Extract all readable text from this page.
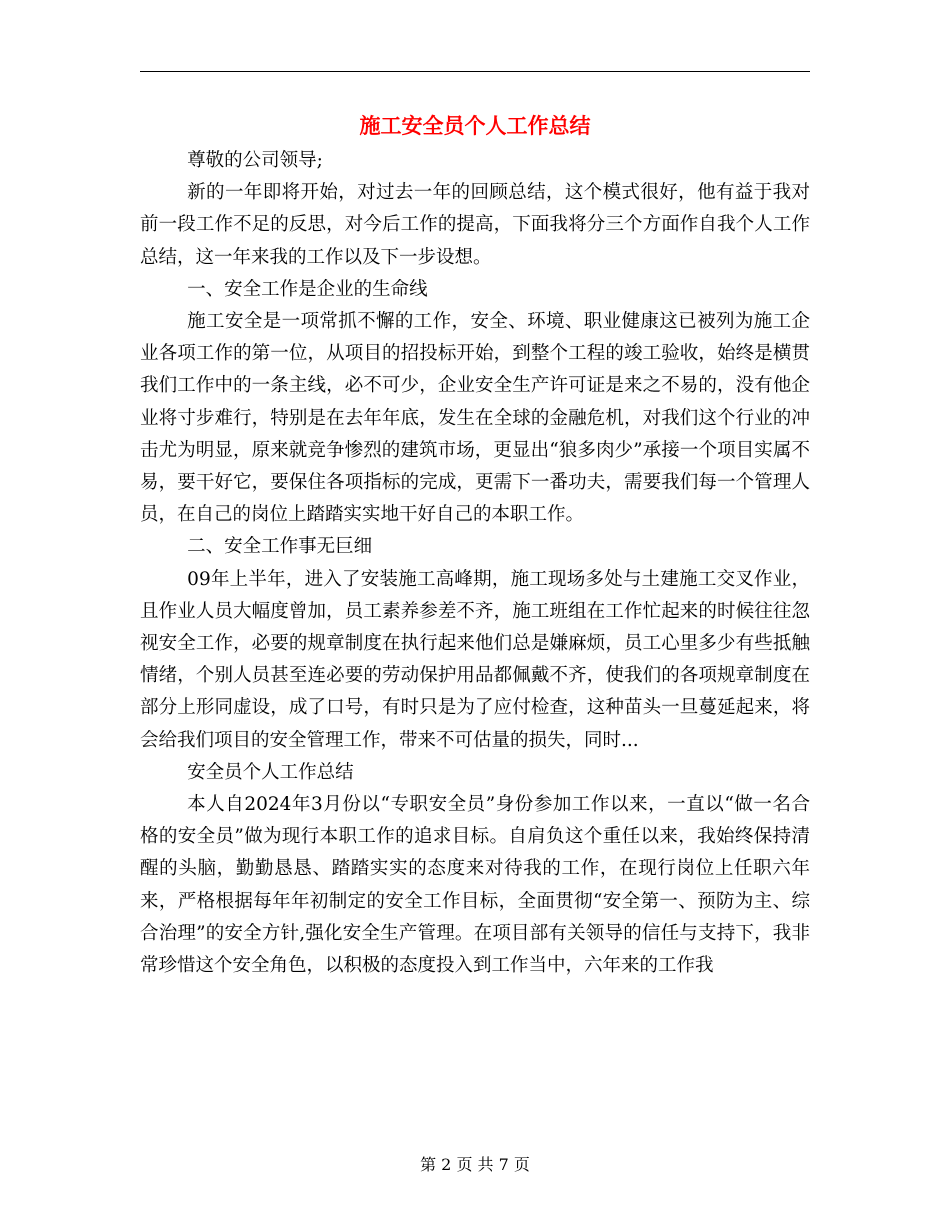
施工安全员个人工作总结

尊敬的公司领导;

新的一年即将开始，对过去一年的回顾总结，这个模式很好，他有益于我对前一段工作不足的反思，对今后工作的提高，下面我将分三个方面作自我个人工作总结，这一年来我的工作以及下一步设想。

一、安全工作是企业的生命线

施工安全是一项常抓不懈的工作，安全、环境、职业健康这已被列为施工企业各项工作的第一位，从项目的招投标开始，到整个工程的竣工验收，始终是横贯我们工作中的一条主线，必不可少，企业安全生产许可证是来之不易的，没有他企业将寸步难行，特别是在去年年底，发生在全球的金融危机，对我们这个行业的冲击尤为明显，原来就竞争惨烈的建筑市场，更显出“狼多肉少”承接一个项目实属不易，要干好它，要保住各项指标的完成，更需下一番功夫，需要我们每一个管理人员，在自己的岗位上踏踏实实地干好自己的本职工作。

二、安全工作事无巨细

09年上半年，进入了安装施工高峰期，施工现场多处与土建施工交叉作业，且作业人员大幅度曾加，员工素养参差不齐，施工班组在工作忙起来的时候往往忽视安全工作，必要的规章制度在执行起来他们总是嫌麻烦，员工心里多少有些抵触情绪，个别人员甚至连必要的劳动保护用品都佩戴不齐，使我们的各项规章制度在部分上形同虚设，成了口号，有时只是为了应付检查，这种苗头一旦蔓延起来，将会给我们项目的安全管理工作，带来不可估量的损失，同时...

安全员个人工作总结

本人自2024年3月份以“专职安全员”身份参加工作以来，一直以“做一名合格的安全员”做为现行本职工作的追求目标。自肩负这个重任以来，我始终保持清醒的头脑，勤勤恳恳、踏踏实实的态度来对待我的工作，在现行岗位上任职六年来，严格根据每年年初制定的安全工作目标，全面贯彻“安全第一、预防为主、综合治理”的安全方针,强化安全生产管理。在项目部有关领导的信任与支持下，我非常珍惜这个安全角色，以积极的态度投入到工作当中，六年来的工作我

第 2 页 共 7 页
